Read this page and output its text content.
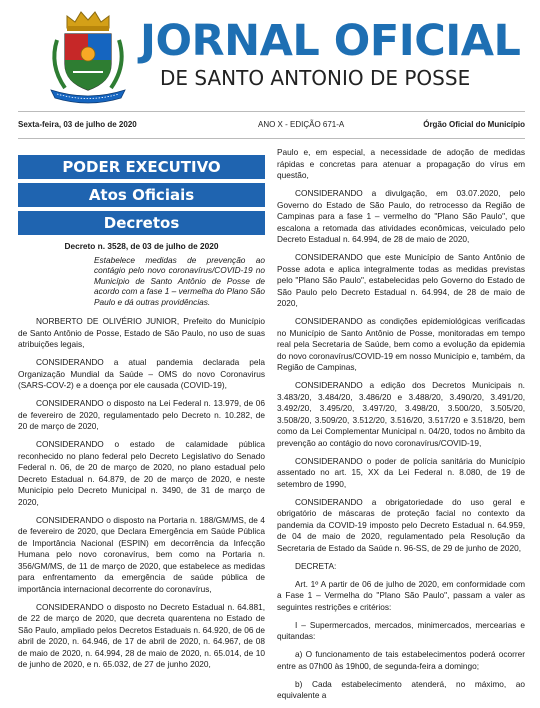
JORNAL OFICIAL
DE SANTO ANTONIO DE POSSE
Sexta-feira, 03 de julho de 2020	ANO X - EDIÇÃO 671-A	Órgão Oficial do Município
PODER EXECUTIVO
Atos Oficiais
Decretos

Decreto n. 3528, de 03 de julho de 2020

Estabelece medidas de prevenção ao contágio pelo novo coronavírus/COVID-19 no Município de Santo Antônio de Posse de acordo com a fase 1 – vermelha do Plano São Paulo e dá outras providências.

NORBERTO DE OLIVÉRIO JUNIOR, Prefeito do Município de Santo Antônio de Posse, Estado de São Paulo, no uso de suas atribuições legais,

CONSIDERANDO a atual pandemia declarada pela Organização Mundial da Saúde – OMS do novo Coronavirus (SARS-COV-2) e a doença por ele causada (COVID-19),

CONSIDERANDO o disposto na Lei Federal n. 13.979, de 06 de fevereiro de 2020, regulamentado pelo Decreto n. 10.282, de 20 de março de 2020,

CONSIDERANDO o estado de calamidade pública reconhecido no plano federal pelo Decreto Legislativo do Senado Federal n. 06, de 20 de março de 2020, no plano estadual pelo Decreto Estadual n. 64.879, de 20 de março de 2020, e neste Município pelo Decreto Municipal n. 3490, de 31 de março de 2020,

CONSIDERANDO o disposto na Portaria n. 188/GM/MS, de 4 de fevereiro de 2020, que Declara Emergência em Saúde Pública de Importância Nacional (ESPIN) em decorrência da Infecção Humana pelo novo coronavírus, bem como na Portaria n. 356/GM/MS, de 11 de março de 2020, que estabelece as medidas para enfrentamento da emergência de saúde pública de importância internacional decorrente do coronavírus,

CONSIDERANDO o disposto no Decreto Estadual n. 64.881, de 22 de março de 2020, que decreta quarentena no Estado de São Paulo, ampliado pelos Decretos Estaduais n. 64.920, de 06 de abril de 2020, n. 64.946, de 17 de abril de 2020, n. 64.967, de 08 de maio de 2020, n. 64.994, 28 de maio de 2020, n. 65.014, de 10 de junho de 2020, e n. 65.032, de 27 de junho 2020,

Paulo e, em especial, a necessidade de adoção de medidas rápidas e concretas para atenuar a propagação do vírus em questão,

CONSIDERANDO a divulgação, em 03.07.2020, pelo Governo do Estado de São Paulo, do retrocesso da Região de Campinas para a fase 1 – vermelho do "Plano São Paulo", que escalona a retomada das atividades econômicas, veiculado pelo Decreto Estadual n. 64.994, de 28 de maio de 2020,

CONSIDERANDO que este Município de Santo Antônio de Posse adota e aplica integralmente todas as medidas previstas pelo "Plano São Paulo", estabelecidas pelo Governo do Estado de São Paulo pelo Decreto Estadual n. 64.994, de 28 de maio de 2020,

CONSIDERANDO as condições epidemiológicas verificadas no Município de Santo Antônio de Posse, monitoradas em tempo real pela Secretaria de Saúde, bem como a evolução da epidemia do novo coronavírus/COVID-19 em nosso Município e, também, da Região de Campinas,

CONSIDERANDO a edição dos Decretos Municipais n. 3.483/20, 3.484/20, 3.486/20 e 3.488/20, 3.490/20, 3.491/20, 3.492/20, 3.495/20, 3.497/20, 3.498/20, 3.500/20, 3.505/20, 3.508/20, 3.509/20, 3.512/20, 3.516/20, 3.517/20 e 3.518/20, bem como da Lei Complementar Municipal n. 04/20, todos no âmbito da prevenção ao contágio do novo coronavírus/COVID-19,

CONSIDERANDO o poder de polícia sanitária do Município assentado no art. 15, XX da Lei Federal n. 8.080, de 19 de setembro de 1990,

CONSIDERANDO a obrigatoriedade do uso geral e obrigatório de máscaras de proteção facial no contexto da pandemia da COVID-19 imposto pelo Decreto Estadual n. 64.959, de 04 de maio de 2020, regulamentado pela Resolução da Secretaria de Estado da Saúde n. 96-SS, de 29 de junho de 2020,

DECRETA:

Art. 1º A partir de 06 de julho de 2020, em conformidade com a Fase 1 – Vermelha do "Plano São Paulo", passam a valer as seguintes restrições e critérios:

I – Supermercados, mercados, minimercados, mercearias e quitandas:

a) O funcionamento de tais estabelecimentos poderá ocorrer entre as 07h00 às 19h00, de segunda-feira a domingo;

b) Cada estabelecimento atenderá, no máximo, ao equivalente a
